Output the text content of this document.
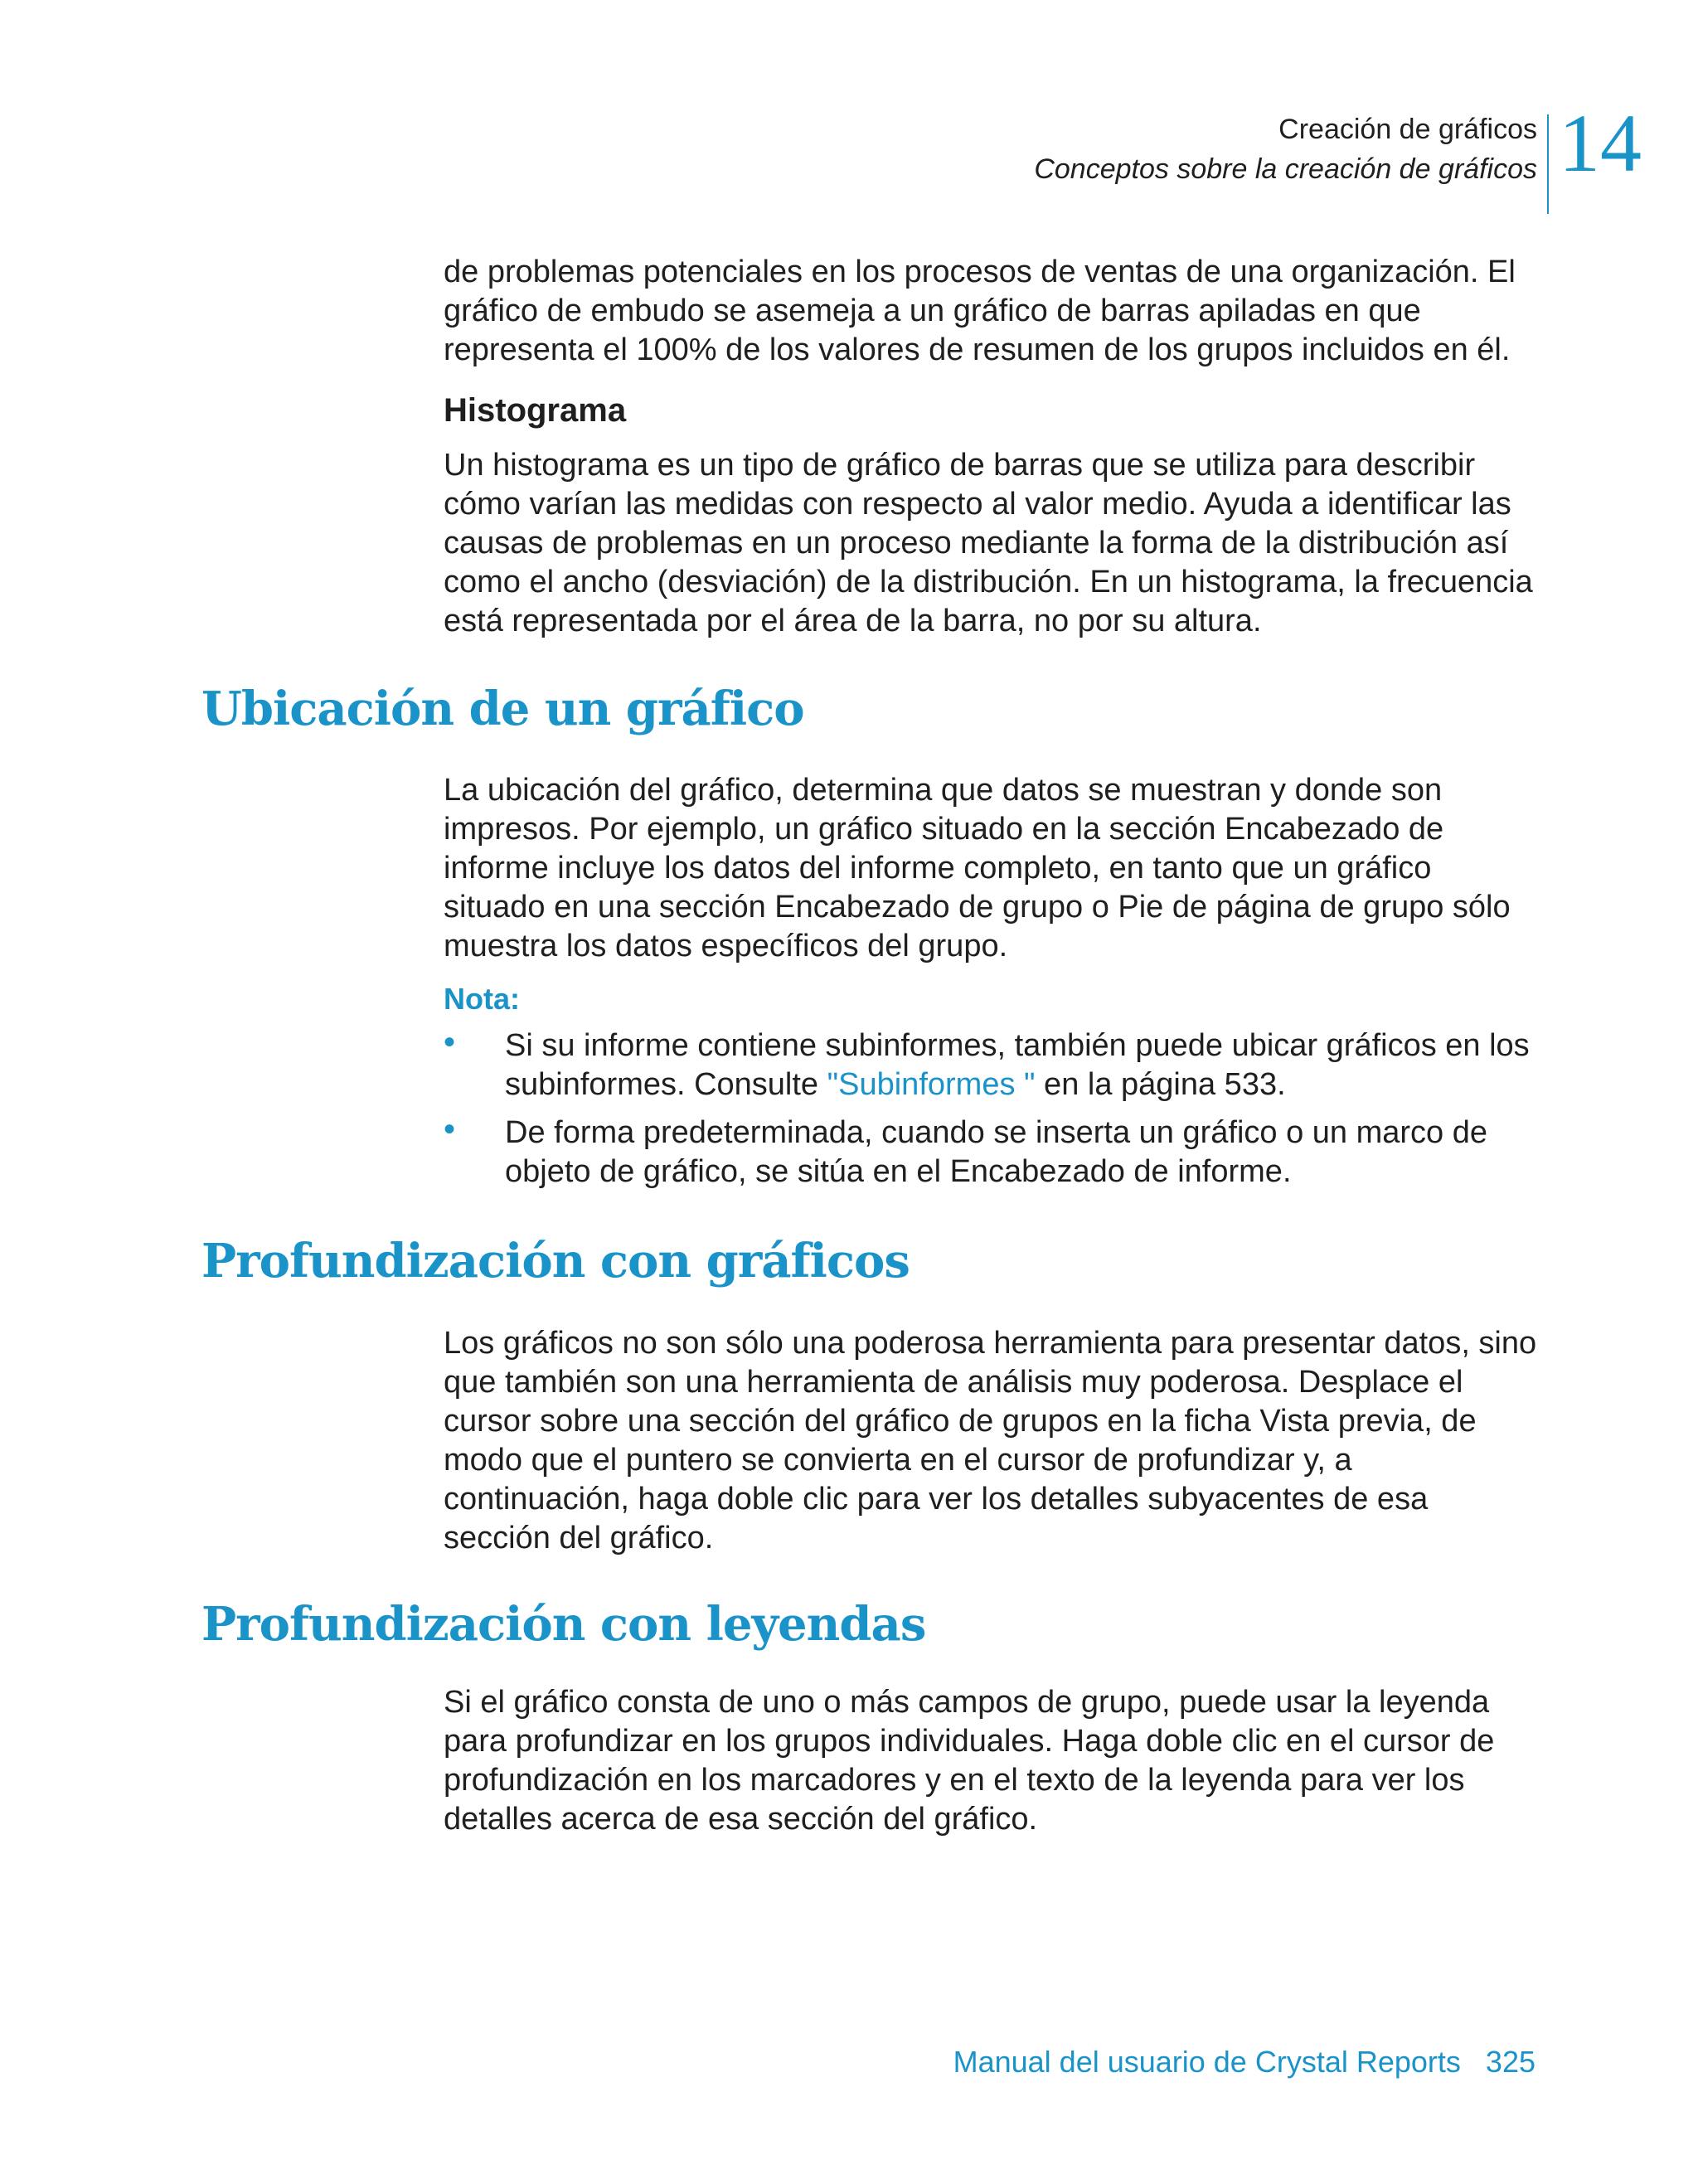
Creación de gráficos
Conceptos sobre la creación de gráficos 14

de problemas potenciales en los procesos de ventas de una organización. El gráfico de embudo se asemeja a un gráfico de barras apiladas en que representa el 100% de los valores de resumen de los grupos incluidos en él.

Histograma

Un histograma es un tipo de gráfico de barras que se utiliza para describir cómo varían las medidas con respecto al valor medio. Ayuda a identificar las causas de problemas en un proceso mediante la forma de la distribución así como el ancho (desviación) de la distribución. En un histograma, la frecuencia está representada por el área de la barra, no por su altura.

Ubicación de un gráfico

La ubicación del gráfico, determina que datos se muestran y donde son impresos. Por ejemplo, un gráfico situado en la sección Encabezado de informe incluye los datos del informe completo, en tanto que un gráfico situado en una sección Encabezado de grupo o Pie de página de grupo sólo muestra los datos específicos del grupo.

Nota:
• Si su informe contiene subinformes, también puede ubicar gráficos en los subinformes. Consulte "Subinformes " en la página 533.
• De forma predeterminada, cuando se inserta un gráfico o un marco de objeto de gráfico, se sitúa en el Encabezado de informe.
Profundización con gráficos

Los gráficos no son sólo una poderosa herramienta para presentar datos, sino que también son una herramienta de análisis muy poderosa. Desplace el cursor sobre una sección del gráfico de grupos en la ficha Vista previa, de modo que el puntero se convierta en el cursor de profundizar y, a continuación, haga doble clic para ver los detalles subyacentes de esa sección del gráfico.

Profundización con leyendas

Si el gráfico consta de uno o más campos de grupo, puede usar la leyenda para profundizar en los grupos individuales. Haga doble clic en el cursor de profundización en los marcadores y en el texto de la leyenda para ver los detalles acerca de esa sección del gráfico.

Manual del usuario de Crystal Reports 325
